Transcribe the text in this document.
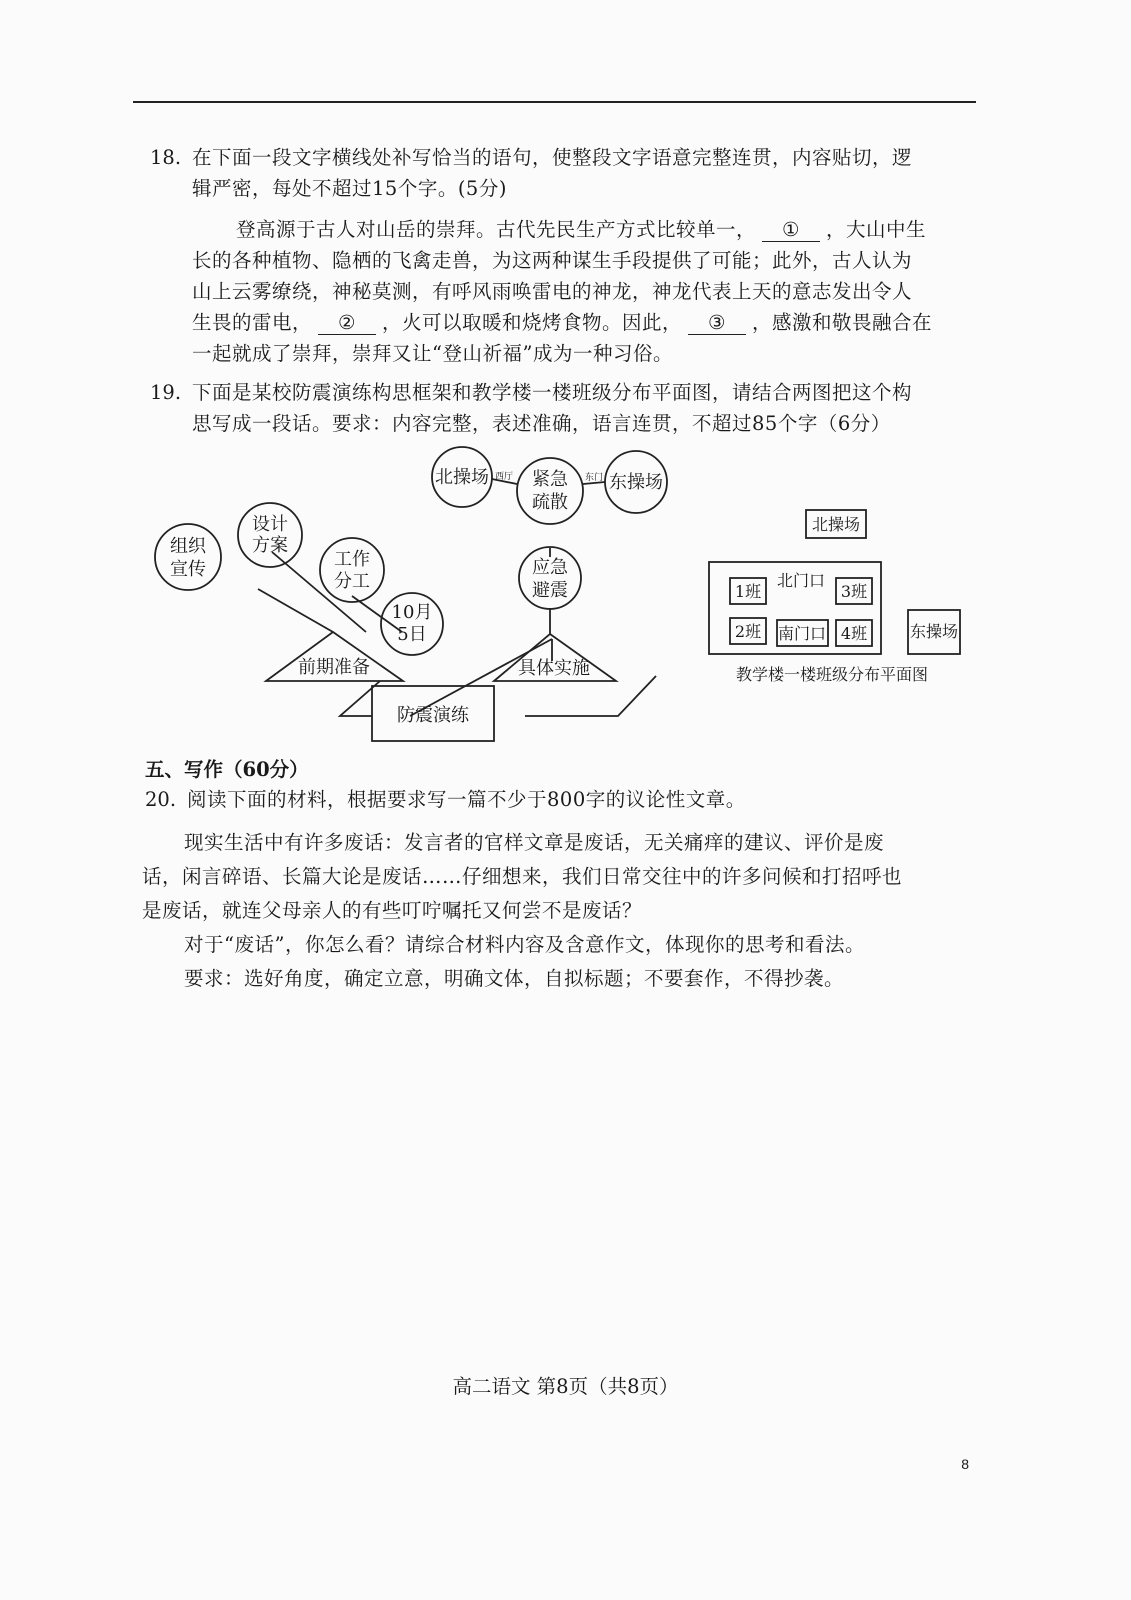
18. 在下面一段文字横线处补写恰当的语句，使整段文字语意完整连贯，内容贴切，逻
辑严密，每处不超过15个字。(5分)
登高源于古人对山岳的崇拜。古代先民生产方式比较单一， ① ，大山中生
长的各种植物、隐栖的飞禽走兽，为这两种谋生手段提供了可能；此外，古人认为
山上云雾缭绕，神秘莫测，有呼风雨唤雷电的神龙，神龙代表上天的意志发出令人
生畏的雷电， ② ，火可以取暖和烧烤食物。因此， ③ ，感激和敬畏融合在
一起就成了崇拜，崇拜又让“登山祈福”成为一种习俗。
19. 下面是某校防震演练构思框架和教学楼一楼班级分布平面图，请结合两图把这个构
思写成一段话。要求：内容完整，表述准确，语言连贯，不超过85个字（6分）
组织
宣传
设计
方案
工作
分工
10月
5日
应急
避震
紧急
疏散
北操场	东操场
前期准备	具体实施
防震演练
西厅	东门
北操场
东操场
1班
2班
3班
4班
北门口
南门口
教学楼一楼班级分布平面图
五、写作（60分）
20. 阅读下面的材料，根据要求写一篇不少于800字的议论性文章。
现实生活中有许多废话：发言者的官样文章是废话，无关痛痒的建议、评价是废
话，闲言碎语、长篇大论是废话……仔细想来，我们日常交往中的许多问候和打招呼也
是废话，就连父母亲人的有些叮咛嘱托又何尝不是废话？
对于“废话”，你怎么看？请综合材料内容及含意作文，体现你的思考和看法。
要求：选好角度，确定立意，明确文体，自拟标题；不要套作，不得抄袭。
高二语文 第8页（共8页）
8
